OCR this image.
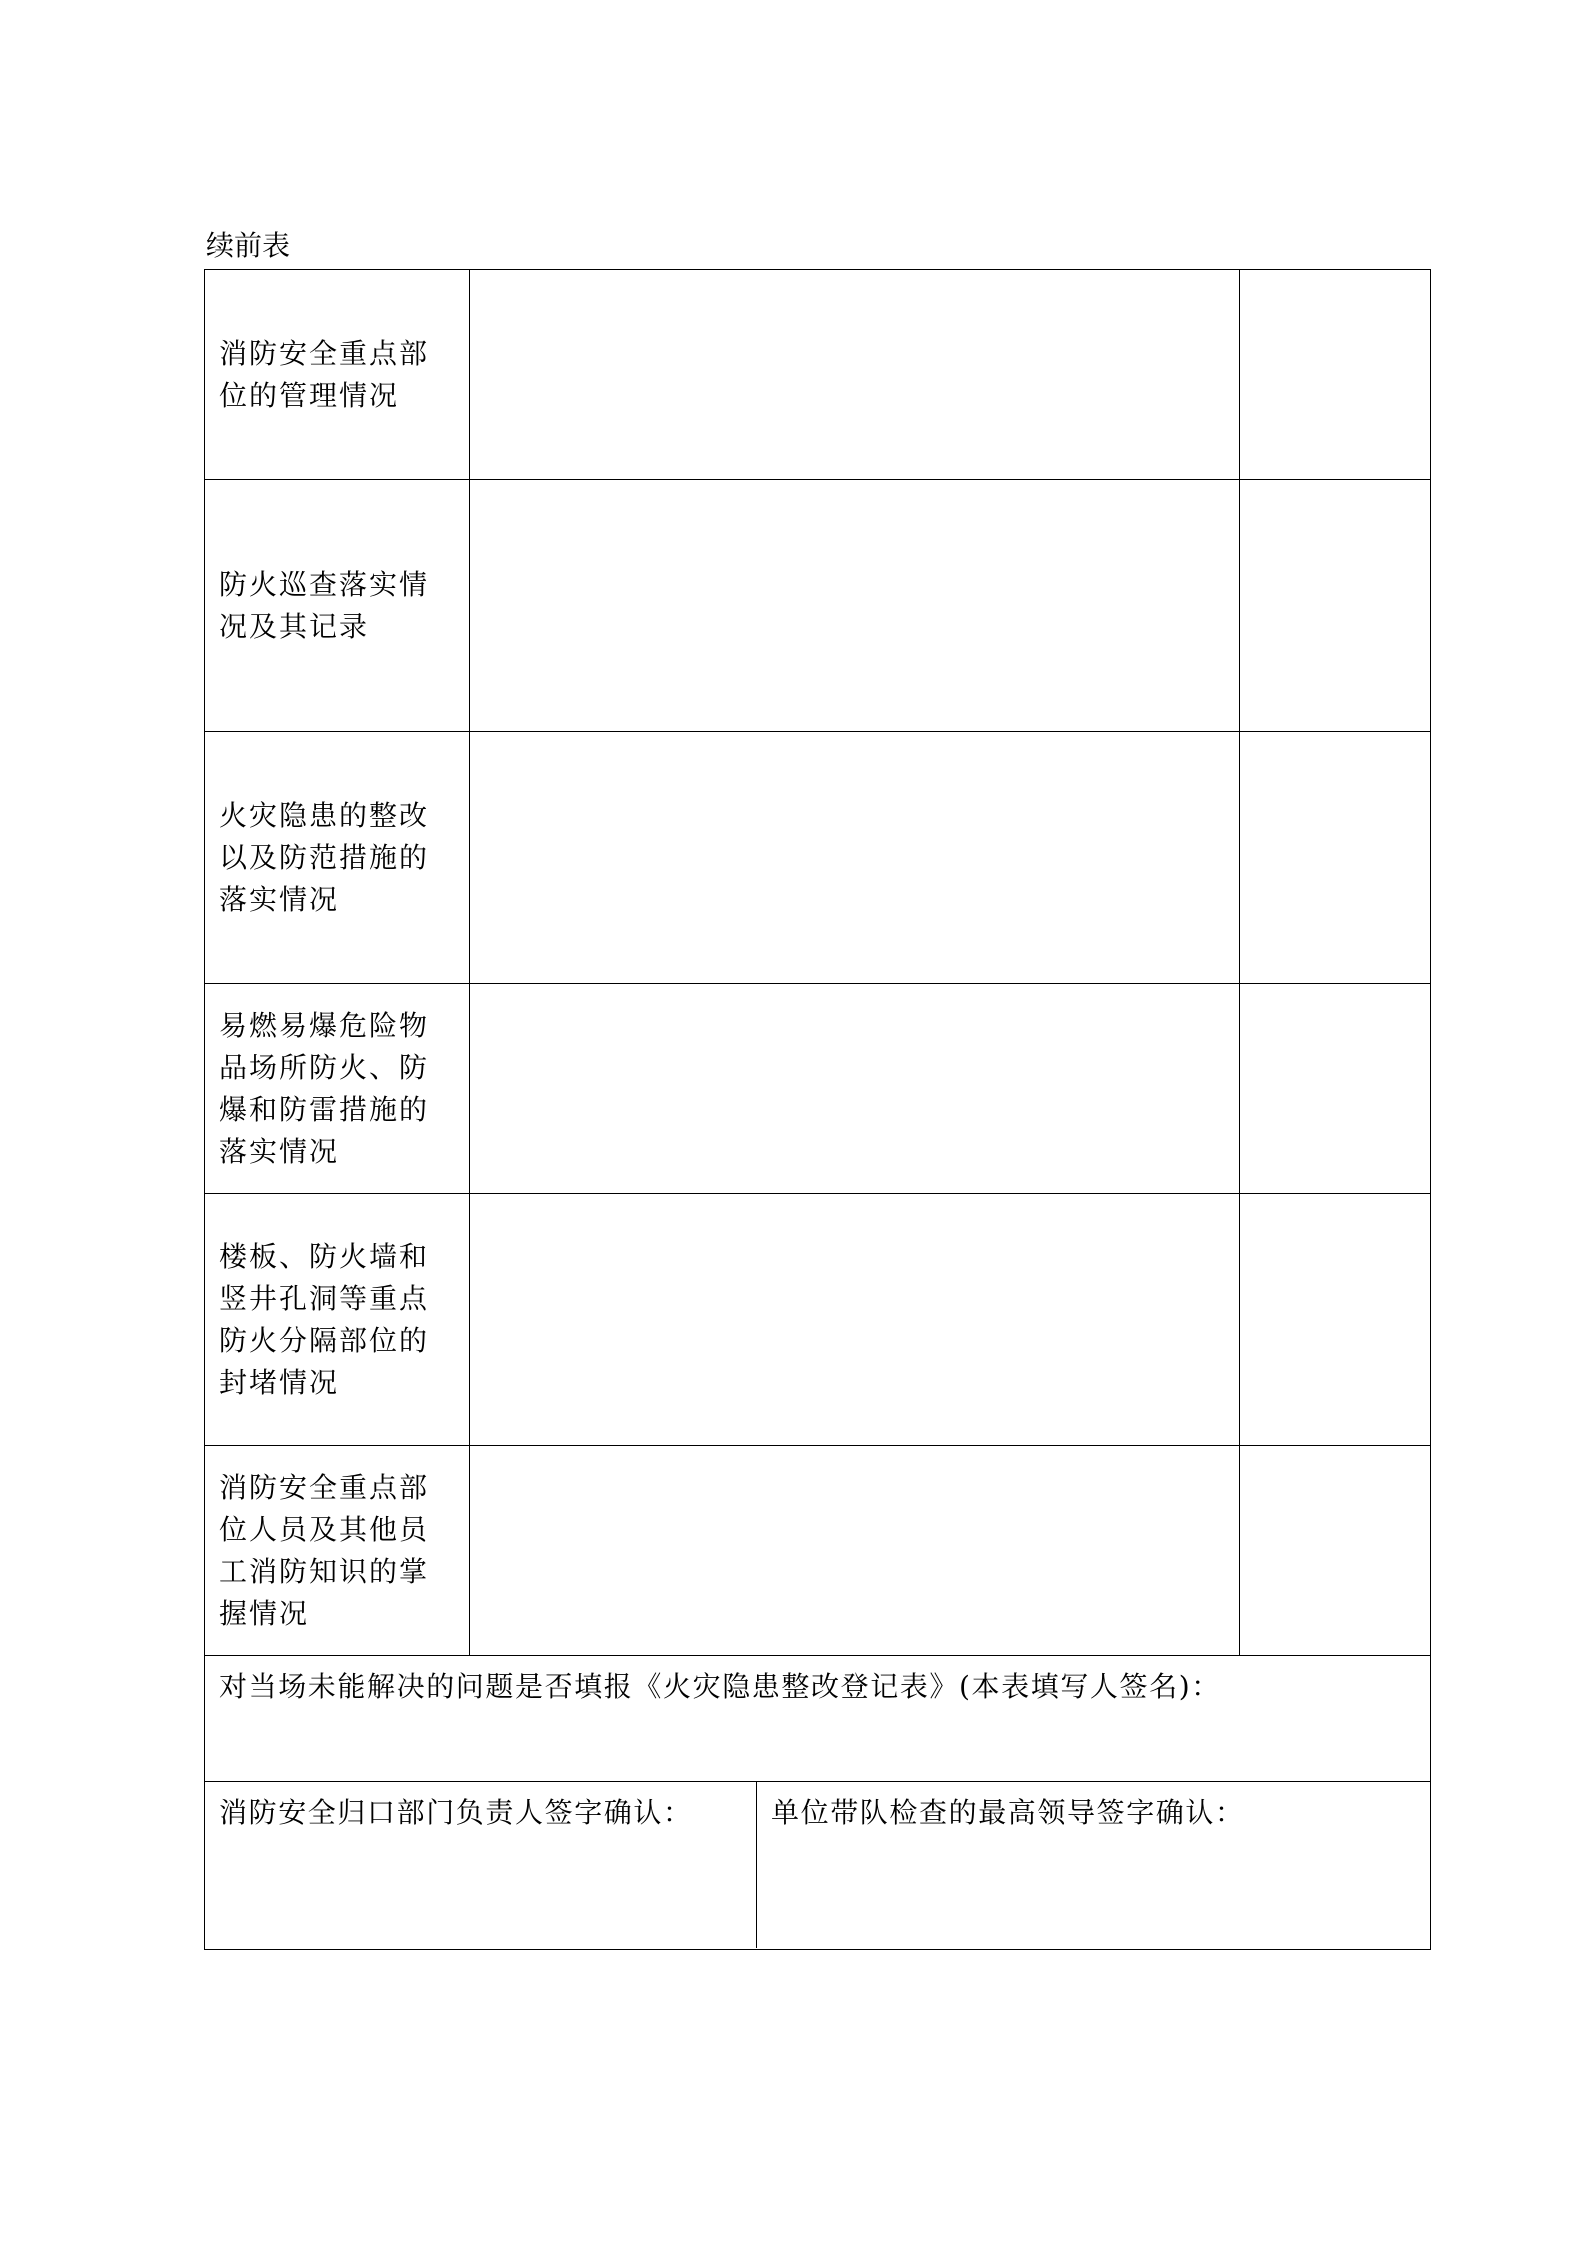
续前表
消防安全重点部位的管理情况		

防火巡查落实情况及其记录		

火灾隐患的整改以及防范措施的落实情况		

易燃易爆危险物品场所防火、防爆和防雷措施的落实情况		

楼板、防火墙和竖井孔洞等重点防火分隔部位的封堵情况		

消防安全重点部位人员及其他员工消防知识的掌握情况		

对当场未能解决的问题是否填报《火灾隐患整改登记表》(本表填写人签名)：		

消防安全归口部门负责人签字确认： 单位带队检查的最高领导签字确认：		
